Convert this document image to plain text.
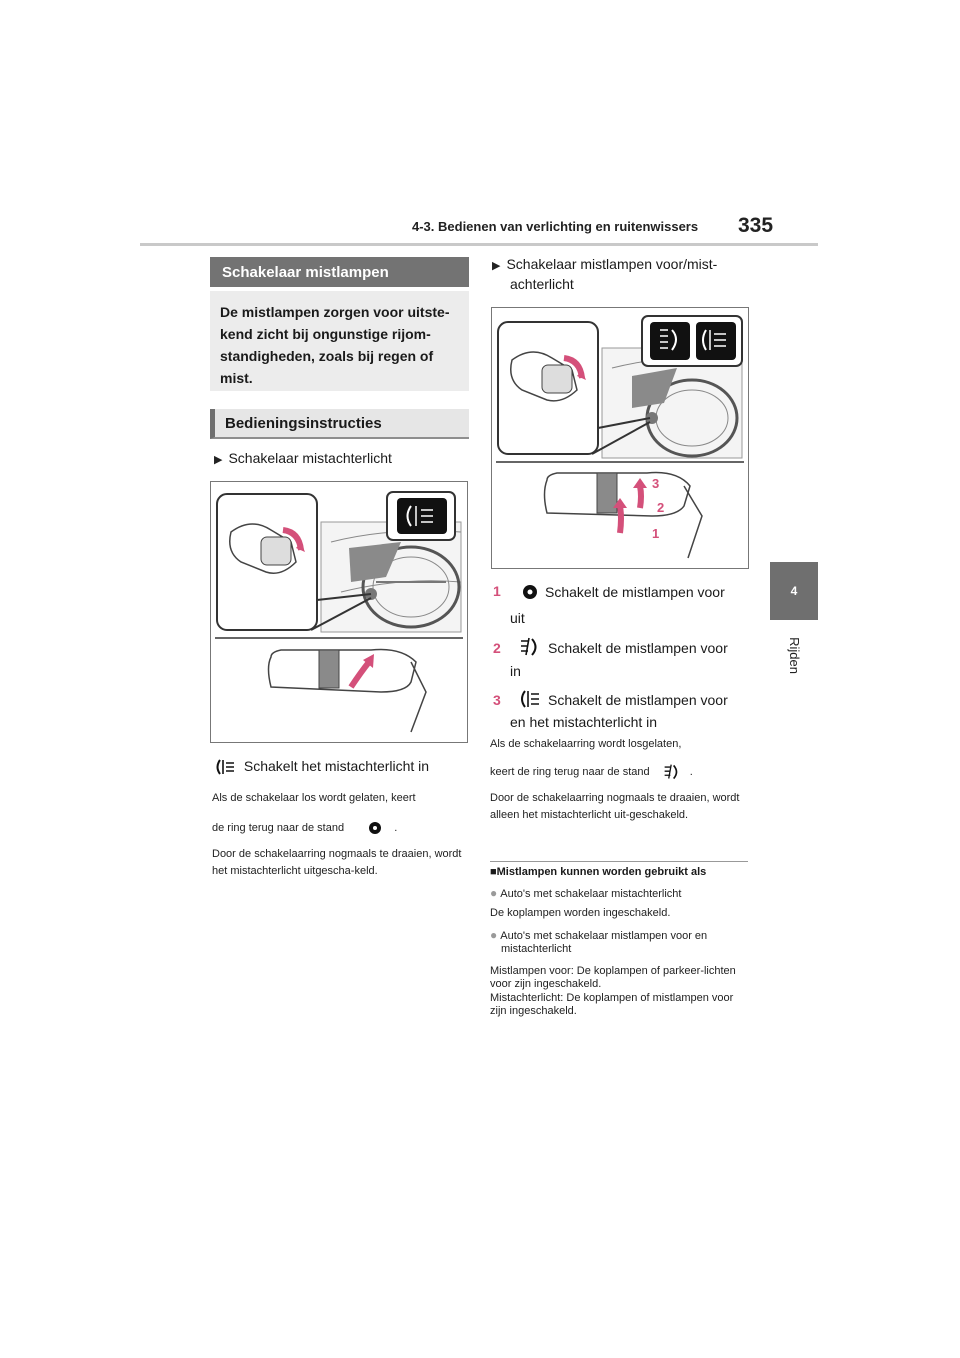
4-3. Bedienen van verlichting en ruitenwissers 335
4
Rijden
Schakelaar mistlampen
De mistlampen zorgen voor uitste-kend zicht bij ongunstige rijom-standigheden, zoals bij regen of mist.
Bedieningsinstructies
▶ Schakelaar mistachterlicht
Schakelt het mistachterlicht in
Als de schakelaar los wordt gelaten, keert
de ring terug naar de stand	.
Door de schakelaarring nogmaals te draaien, wordt het mistachterlicht uitgescha-keld.
▶ Schakelaar mistlampen voor/mist-
achterlicht
3
2
1
1	Schakelt de mistlampen voor
uit
2	Schakelt de mistlampen voor
in
3	Schakelt de mistlampen voor
en het mistachterlicht in
Als de schakelaarring wordt losgelaten,
keert de ring terug naar de stand	.
Door de schakelaarring nogmaals te draaien, wordt alleen het mistachterlicht uit-geschakeld.
■Mistlampen kunnen worden gebruikt als
● Auto's met schakelaar mistachterlicht
De koplampen worden ingeschakeld.
● Auto's met schakelaar mistlampen voor en mistachterlicht
Mistlampen voor: De koplampen of parkeer-lichten voor zijn ingeschakeld.
Mistachterlicht: De koplampen of mistlampen voor zijn ingeschakeld.
